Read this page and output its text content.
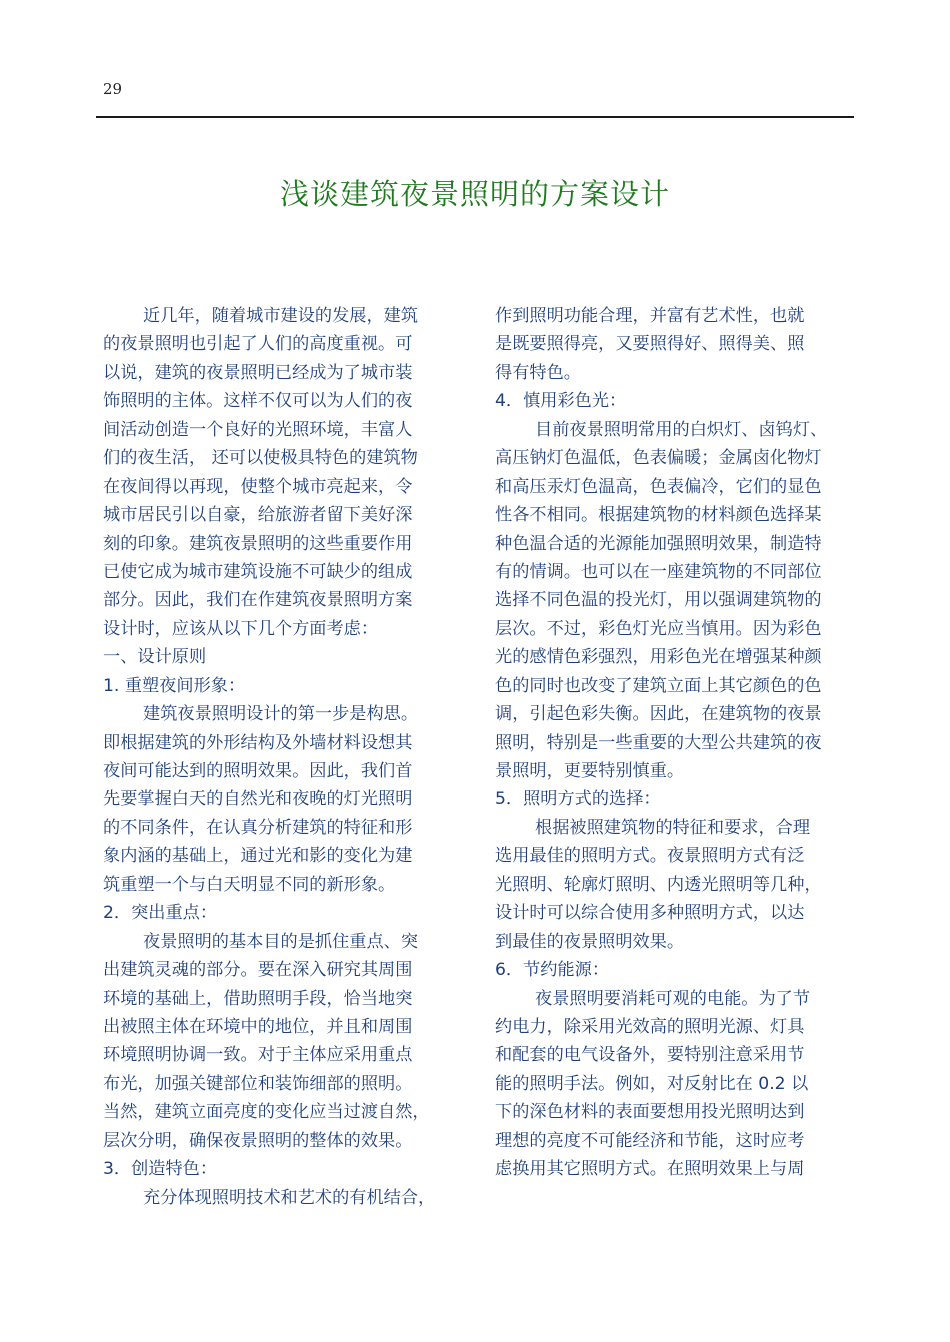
29
浅谈建筑夜景照明的方案设计
近几年，随着城市建设的发展，建筑
的夜景照明也引起了人们的高度重视。可
以说，建筑的夜景照明已经成为了城市装
饰照明的主体。这样不仅可以为人们的夜
间活动创造一个良好的光照环境，丰富人
们的夜生活， 还可以使极具特色的建筑物
在夜间得以再现，使整个城市亮起来，令
城市居民引以自豪，给旅游者留下美好深
刻的印象。建筑夜景照明的这些重要作用
已使它成为城市建筑设施不可缺少的组成
部分。因此，我们在作建筑夜景照明方案
设计时，应该从以下几个方面考虑：
一、设计原则
1. 重塑夜间形象：
建筑夜景照明设计的第一步是构思。
即根据建筑的外形结构及外墙材料设想其
夜间可能达到的照明效果。因此，我们首
先要掌握白天的自然光和夜晚的灯光照明
的不同条件，在认真分析建筑的特征和形
象内涵的基础上，通过光和影的变化为建
筑重塑一个与白天明显不同的新形象。
2．突出重点：
夜景照明的基本目的是抓住重点、突
出建筑灵魂的部分。要在深入研究其周围
环境的基础上，借助照明手段，恰当地突
出被照主体在环境中的地位，并且和周围
环境照明协调一致。对于主体应采用重点
布光，加强关键部位和装饰细部的照明。
当然，建筑立面亮度的变化应当过渡自然，
层次分明，确保夜景照明的整体的效果。
3．创造特色：
充分体现照明技术和艺术的有机结合，
作到照明功能合理，并富有艺术性，也就
是既要照得亮，又要照得好、照得美、照
得有特色。
4．慎用彩色光：
目前夜景照明常用的白炽灯、卤钨灯、
高压钠灯色温低，色表偏暖；金属卤化物灯
和高压汞灯色温高，色表偏冷，它们的显色
性各不相同。根据建筑物的材料颜色选择某
种色温合适的光源能加强照明效果，制造特
有的情调。也可以在一座建筑物的不同部位
选择不同色温的投光灯，用以强调建筑物的
层次。不过，彩色灯光应当慎用。因为彩色
光的感情色彩强烈，用彩色光在增强某种颜
色的同时也改变了建筑立面上其它颜色的色
调，引起色彩失衡。因此，在建筑物的夜景
照明，特别是一些重要的大型公共建筑的夜
景照明，更要特别慎重。
5．照明方式的选择：
根据被照建筑物的特征和要求，合理
选用最佳的照明方式。夜景照明方式有泛
光照明、轮廓灯照明、内透光照明等几种，
设计时可以综合使用多种照明方式，以达
到最佳的夜景照明效果。
6．节约能源：
夜景照明要消耗可观的电能。为了节
约电力，除采用光效高的照明光源、灯具
和配套的电气设备外，要特别注意采用节
能的照明手法。例如，对反射比在 0.2 以
下的深色材料的表面要想用投光照明达到
理想的亮度不可能经济和节能，这时应考
虑换用其它照明方式。在照明效果上与周
